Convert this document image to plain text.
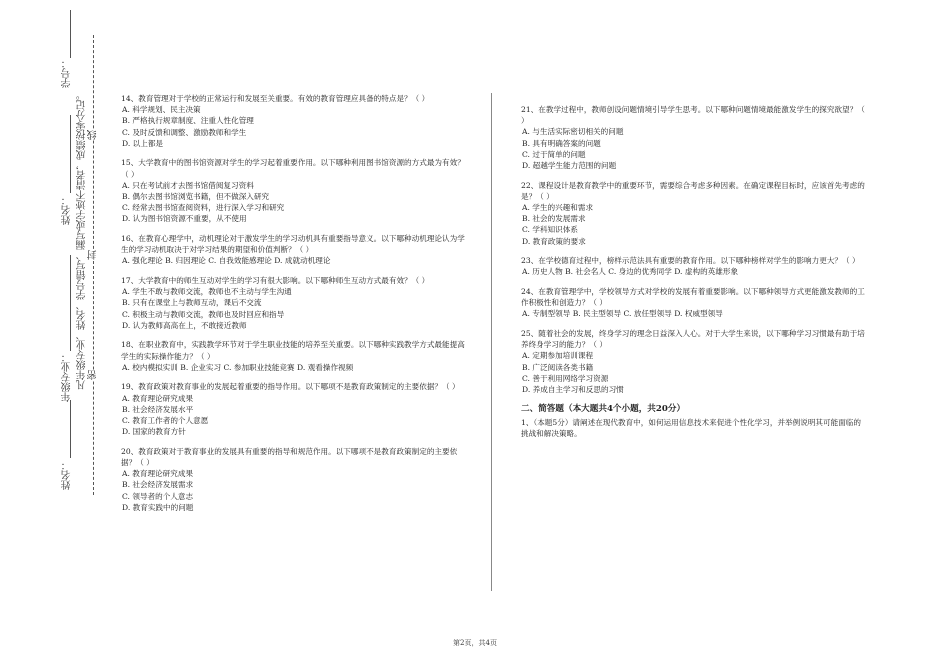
学号：
姓名：
年级专业：
姓名：
凡年级专业、姓名、学号错写、漏写或字迹不清者，成绩按零分记。 线
封
密
14、教育管理对于学校的正常运行和发展至关重要。有效的教育管理应具备的特点是？（ ）
A. 科学规划、民主决策
B. 严格执行规章制度、注重人性化管理
C. 及时反馈和调整、激励教师和学生
D. 以上都是
15、大学教育中的图书馆资源对学生的学习起着重要作用。以下哪种利用图书馆资源的方式最为有效？（ ）
A. 只在考试前才去图书馆借阅复习资料
B. 偶尔去图书馆浏览书籍，但不做深入研究
C. 经常去图书馆查阅资料，进行深入学习和研究
D. 认为图书馆资源不重要，从不使用
16、在教育心理学中，动机理论对于激发学生的学习动机具有重要指导意义。以下哪种动机理论认为学生的学习动机取决于对学习结果的期望和价值判断？（ ）
A. 强化理论 B. 归因理论 C. 自我效能感理论 D. 成就动机理论
17、大学教育中的师生互动对学生的学习有很大影响。以下哪种师生互动方式最有效？（ ）
A. 学生不敢与教师交流，教师也不主动与学生沟通
B. 只有在课堂上与教师互动，课后不交流
C. 积极主动与教师交流，教师也及时回应和指导
D. 认为教师高高在上，不敢接近教师
18、在职业教育中，实践教学环节对于学生职业技能的培养至关重要。以下哪种实践教学方式最能提高学生的实际操作能力？（ ）
A. 校内模拟实训 B. 企业实习 C. 参加职业技能竞赛 D. 观看操作视频
19、教育政策对教育事业的发展起着重要的指导作用。以下哪项不是教育政策制定的主要依据？（ ）
A. 教育理论研究成果
B. 社会经济发展水平
C. 教育工作者的个人意愿
D. 国家的教育方针
20、教育政策对于教育事业的发展具有重要的指导和规范作用。以下哪项不是教育政策制定的主要依据？（ ）
A. 教育理论研究成果
B. 社会经济发展需求
C. 领导者的个人意志
D. 教育实践中的问题
21、在教学过程中，教师创设问题情境引导学生思考。以下哪种问题情境最能激发学生的探究欲望？（ ）
A. 与生活实际密切相关的问题
B. 具有明确答案的问题
C. 过于简单的问题
D. 超越学生能力范围的问题
22、课程设计是教育教学中的重要环节，需要综合考虑多种因素。在确定课程目标时，应该首先考虑的是？（ ）
A. 学生的兴趣和需求
B. 社会的发展需求
C. 学科知识体系
D. 教育政策的要求
23、在学校德育过程中，榜样示范法具有重要的教育作用。以下哪种榜样对学生的影响力更大？（ ）
A. 历史人物 B. 社会名人 C. 身边的优秀同学 D. 虚构的英雄形象
24、在教育管理学中，学校领导方式对学校的发展有着重要影响。以下哪种领导方式更能激发教师的工作积极性和创造力？（ ）
A. 专制型领导 B. 民主型领导 C. 放任型领导 D. 权威型领导
25、随着社会的发展，终身学习的理念日益深入人心。对于大学生来说，以下哪种学习习惯最有助于培养终身学习的能力？（ ）
A. 定期参加培训课程
B. 广泛阅读各类书籍
C. 善于利用网络学习资源
D. 养成自主学习和反思的习惯
二、简答题（本大题共4个小题，共20分）
1、（本题5分）请阐述在现代教育中，如何运用信息技术来促进个性化学习，并举例说明其可能面临的挑战和解决策略。
第2页，共4页
